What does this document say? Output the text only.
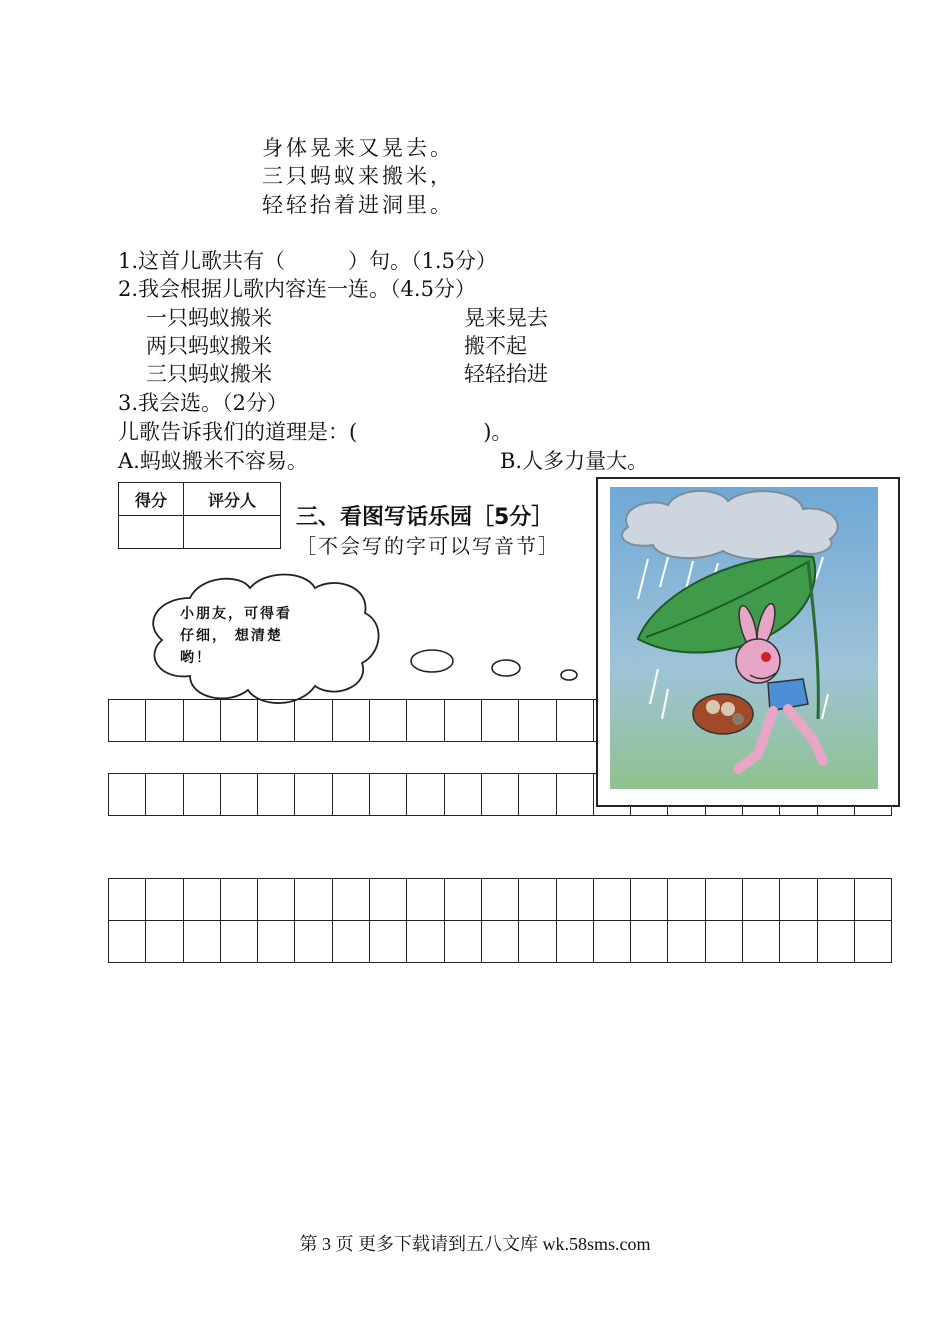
身体晃来又晃去。
三只蚂蚁来搬米，
轻轻抬着进洞里。
1.这首儿歌共有（　　　）句。（1.5分）
2.我会根据儿歌内容连一连。（4.5分）
一只蚂蚁搬米
两只蚂蚁搬米
三只蚂蚁搬米
晃来晃去
搬不起
轻轻抬进
3.我会选。（2分）
儿歌告诉我们的道理是：(　　　　　　)。
A.蚂蚁搬米不容易。	B.人多力量大。
得分	评分人

三、看图写话乐园［5分］
［不会写的字可以写音节］
小朋友，可得看
仔细， 想清楚
哟！

第 3 页 更多下载请到五八文库 wk.58sms.com
